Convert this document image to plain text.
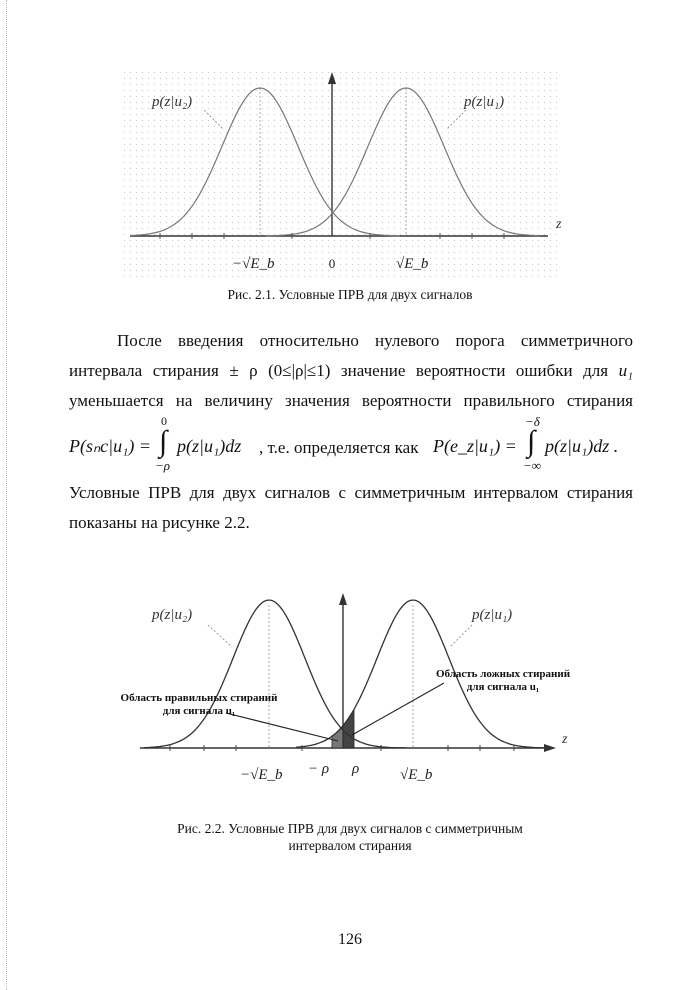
p(z|u₂)	p(z|u₁)
z
−√E_b	0	√E_b
Рис. 2.1. Условные ПРВ для двух сигналов

После введения относительно нулевого порога симметричного

интервала стирания ± ρ (0≤|ρ|≤1) значение вероятности ошибки для u₁

уменьшается на величину значения вероятности правильного стирания

P(sₙc|u₁) =
0
∫
−ρ
p(z|u₁)dz , т.е. определяется как P(e_z|u₁) =
−δ
∫
−∞
p(z|u₁)dz .

Условные ПРВ для двух сигналов с симметричным интервалом стирания

показаны на рисунке 2.2.

p(z|u₂)	p(z|u₁)
z
Область правильных стираний
для сигнала u₁
Область ложных стираний
для сигнала u₁
−√E_b − ρ ρ	√E_b
Рис. 2.2. Условные ПРВ для двух сигналов с симметричным
интервалом стирания
126
